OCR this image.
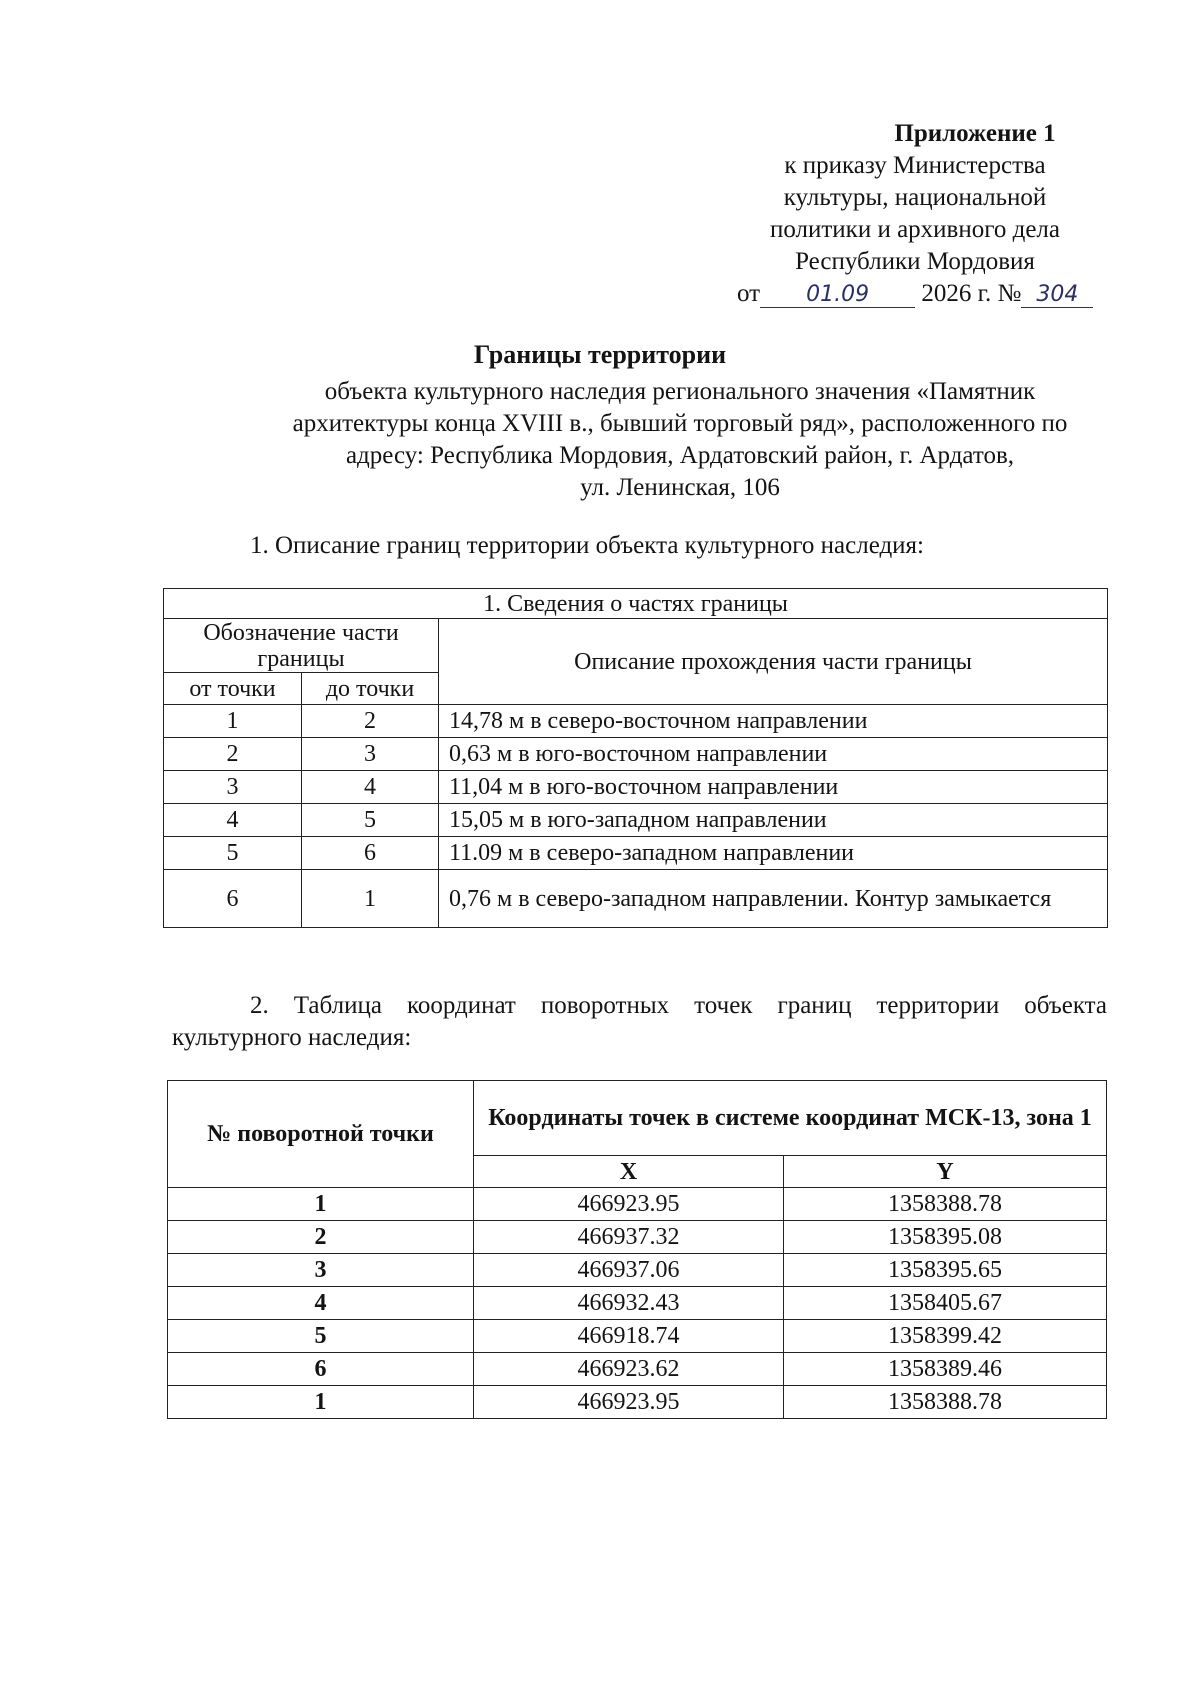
Приложение 1
к приказу Министерства
культуры, национальной
политики и архивного дела
Республики Мордовия
от 01.09 2026 г. № 304
Границы территории
объекта культурного наследия регионального значения «Памятник
архитектуры конца XVIII в., бывший торговый ряд», расположенного по
адресу: Республика Мордовия, Ардатовский район, г. Ардатов,
ул. Ленинская, 106
1. Описание границ территории объекта культурного наследия:
1. Сведения о частях границы		
Обозначение части границы		Описание прохождения части границы
от точки	до точки	
1	2	14,78 м в северо-восточном направлении
2	3	0,63 м в юго-восточном направлении
3	4	11,04 м в юго-восточном направлении
4	5	15,05 м в юго-западном направлении
5	6	11.09 м в северо-западном направлении
6	1	0,76 м в северо-западном направлении. Контур замыкается
2. Таблица координат поворотных точек границ территории объекта культурного наследия:
№ поворотной точки	Координаты точек в системе координат МСК-13, зона 1	
	X	Y
1	466923.95	1358388.78
2	466937.32	1358395.08
3	466937.06	1358395.65
4	466932.43	1358405.67
5	466918.74	1358399.42
6	466923.62	1358389.46
1	466923.95	1358388.78
